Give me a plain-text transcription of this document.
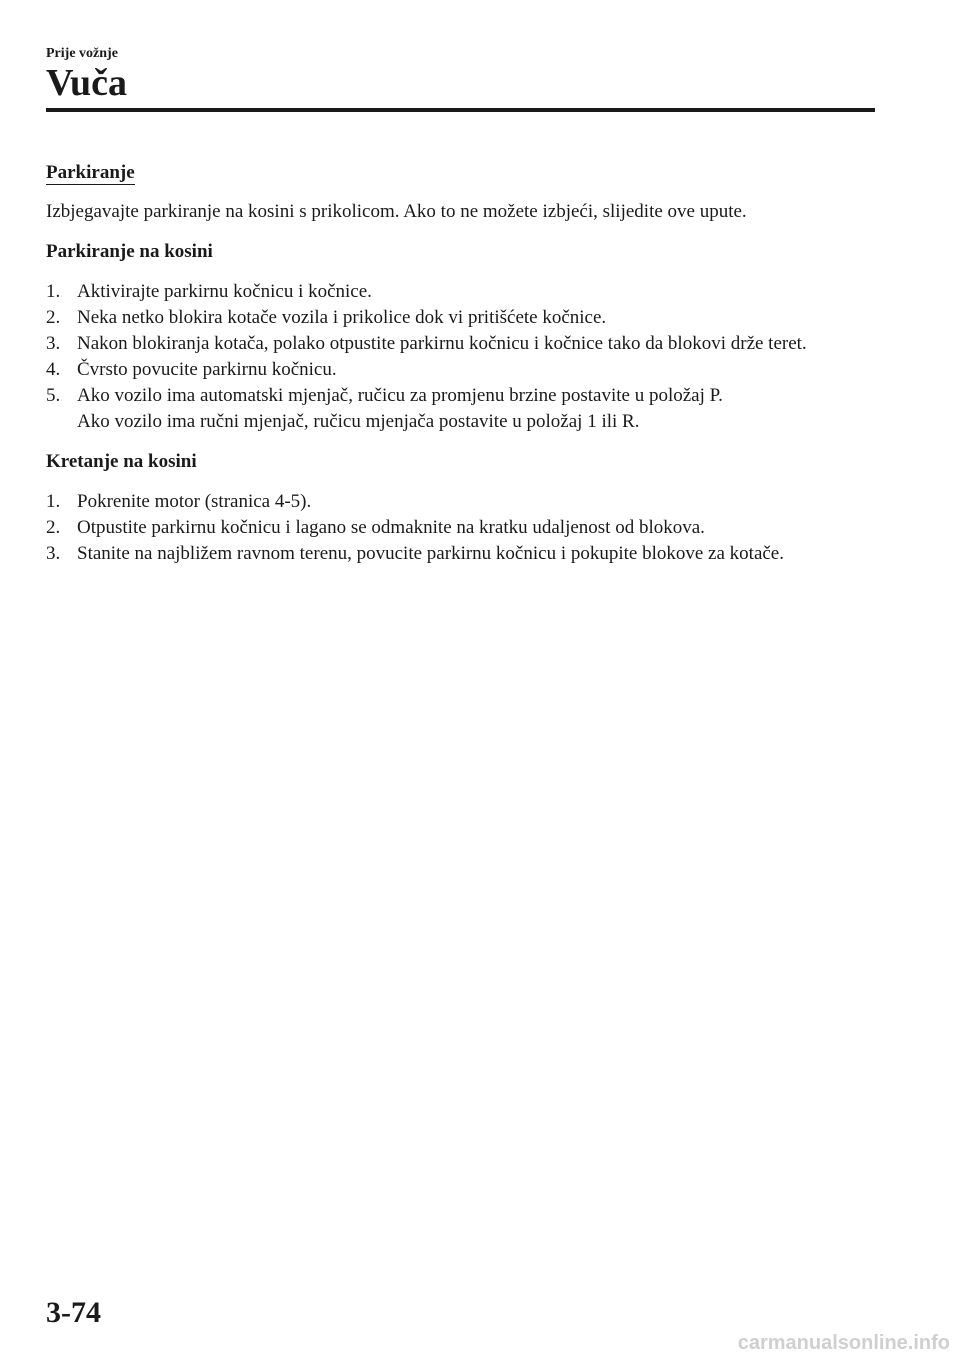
Prije vožnje
Vuča
Parkiranje

Izbjegavajte parkiranje na kosini s prikolicom. Ako to ne možete izbjeći, slijedite ove upute.

Parkiranje na kosini

1. Aktivirajte parkirnu kočnicu i kočnice.
2. Neka netko blokira kotače vozila i prikolice dok vi pritišćete kočnice.
3. Nakon blokiranja kotača, polako otpustite parkirnu kočnicu i kočnice tako da blokovi drže teret.
4. Čvrsto povucite parkirnu kočnicu.
5. Ako vozilo ima automatski mjenjač, ručicu za promjenu brzine postavite u položaj P.
Ako vozilo ima ručni mjenjač, ručicu mjenjača postavite u položaj 1 ili R.

Kretanje na kosini

1. Pokrenite motor (stranica 4-5).
2. Otpustite parkirnu kočnicu i lagano se odmaknite na kratku udaljenost od blokova.
3. Stanite na najbližem ravnom terenu, povucite parkirnu kočnicu i pokupite blokove za kotače.
3-74
carmanualsonline.info
